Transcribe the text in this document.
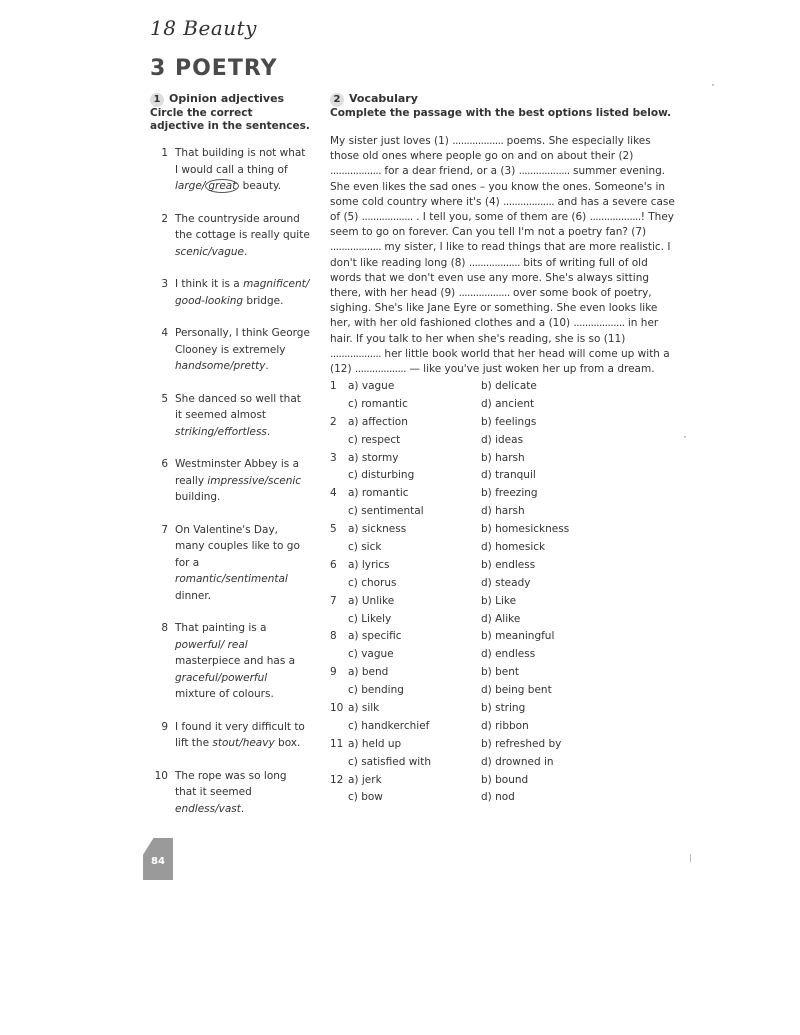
18 Beauty
3 POETRY
1 Opinion adjectives
Circle the correct adjective in the sentences.
1 That building is not what I would call a thing of large/ great beauty.
2 The countryside around the cottage is really quite scenic/vague.
3 I think it is a magnificent/ good-looking bridge.
4 Personally, I think George Clooney is extremely handsome/pretty.
5 She danced so well that it seemed almost striking/effortless.
6 Westminster Abbey is a really impressive/scenic building.
7 On Valentine's Day, many couples like to go for a romantic/sentimental dinner.
8 That painting is a powerful/ real masterpiece and has a graceful/powerful mixture of colours.
9 I found it very difficult to lift the stout/heavy box.
10 The rope was so long that it seemed endless/vast.
2 Vocabulary
Complete the passage with the best options listed below.
My sister just loves (1) .................. poems. She especially likes those old ones where people go on and on about their (2) .................. for a dear friend, or a (3) .................. summer evening. She even likes the sad ones – you know the ones. Someone's in some cold country where it's (4) .................. and has a severe case of (5) .................. . I tell you, some of them are (6) ..................! They seem to go on forever. Can you tell I'm not a poetry fan? (7) .................. my sister, I like to read things that are more realistic. I don't like reading long (8) .................. bits of writing full of old words that we don't even use any more. She's always sitting there, with her head (9) .................. over some book of poetry, sighing. She's like Jane Eyre or something. She even looks like her, with her old fashioned clothes and a (10) .................. in her hair. If you talk to her when she's reading, she is so (11) .................. her little book world that her head will come up with a (12) .................. — like you've just woken her up from a dream.
1	a) vague	b) delicate
c) romantic	d) ancient
2	a) affection	b) feelings
c) respect	d) ideas
3	a) stormy	b) harsh
c) disturbing	d) tranquil
4	a) romantic	b) freezing
c) sentimental	d) harsh
5	a) sickness	b) homesickness
c) sick	d) homesick
6	a) lyrics	b) endless
c) chorus	d) steady
7	a) Unlike	b) Like
c) Likely	d) Alike
8	a) specific	b) meaningful
c) vague	d) endless
9	a) bend	b) bent
c) bending	d) being bent
10 a) silk	b) string
c) handkerchief	d) ribbon
11 a) held up	b) refreshed by
c) satisfied with	d) drowned in
12 a) jerk	b) bound
c) bow	d) nod
84
